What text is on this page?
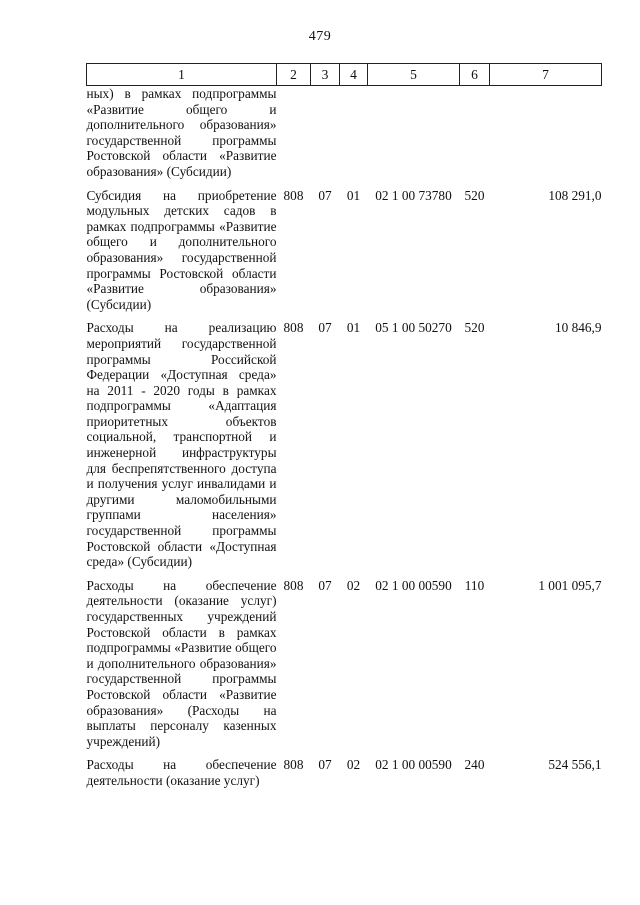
479
1	2	3	4	5	6	7
ных) в рамках подпрограммы «Развитие общего и дополнительного образования» государственной программы Ростовской области «Развитие образования» (Субсидии)						
Субсидия на приобретение модульных детских садов в рамках подпрограммы «Развитие общего и дополнительного образования» государственной программы Ростовской области «Развитие образования» (Субсидии)	808	07	01	02 1 00 73780	520	108 291,0
Расходы на реализацию мероприятий государственной программы Российской Федерации «Доступная среда» на 2011 - 2020 годы в рамках подпрограммы «Адаптация приоритетных объектов социальной, транспортной и инженерной инфраструктуры для беспрепятственного доступа и получения услуг инвалидами и другими маломобильными группами населения» государственной программы Ростовской области «Доступная среда» (Субсидии)	808	07	01	05 1 00 50270	520	10 846,9
Расходы на обеспечение деятельности (оказание услуг) государственных учреждений Ростовской области в рамках подпрограммы «Развитие общего и дополнительного образования» государственной программы Ростовской области «Развитие образования» (Расходы на выплаты персоналу казенных учреждений)	808	07	02	02 1 00 00590	110	1 001 095,7
Расходы на обеспечение деятельности (оказание услуг)	808	07	02	02 1 00 00590	240	524 556,1
